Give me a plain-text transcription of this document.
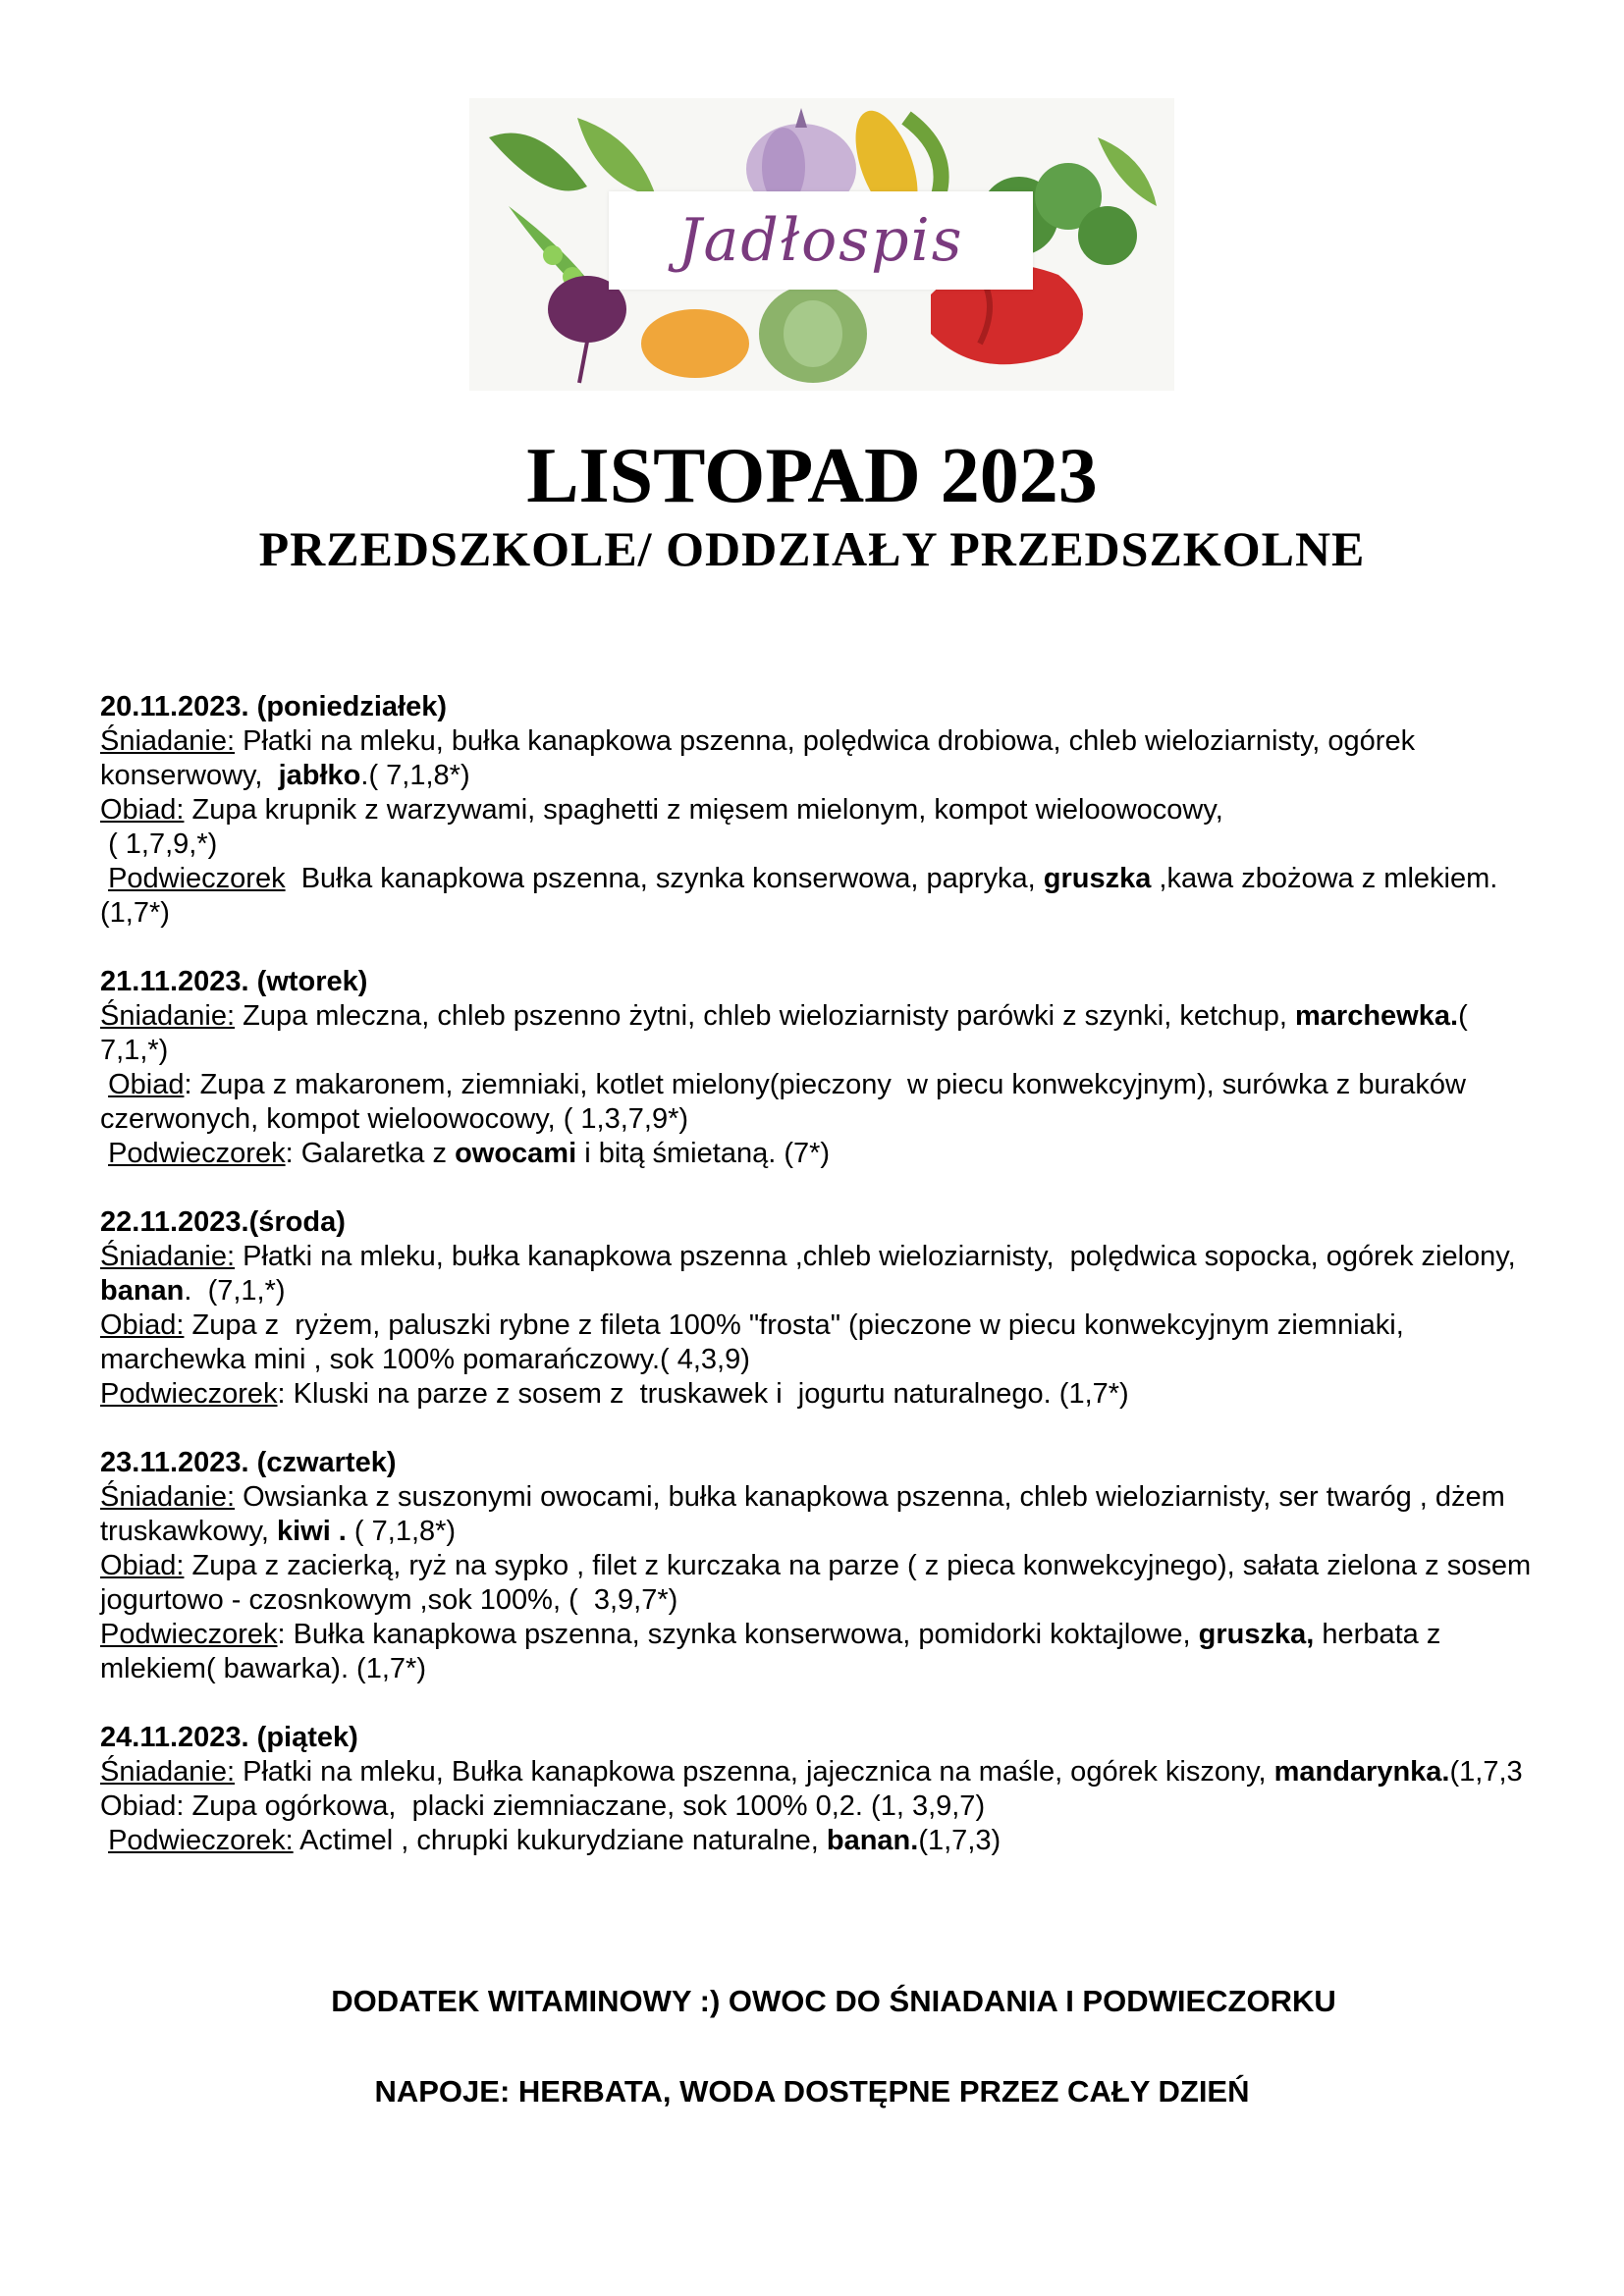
Jadłospis
LISTOPAD 2023
PRZEDSZKOLE/ ODDZIAŁY PRZEDSZKOLNE
20.11.2023. (poniedziałek)
Śniadanie: Płatki na mleku, bułka kanapkowa pszenna, polędwica drobiowa, chleb wieloziarnisty, ogórek konserwowy,  jabłko.( 7,1,8*)
Obiad: Zupa krupnik z warzywami, spaghetti z mięsem mielonym, kompot wieloowocowy,
( 1,7,9,*)
Podwieczorek  Bułka kanapkowa pszenna, szynka konserwowa, papryka, gruszka ,kawa zbożowa z mlekiem. (1,7*)
21.11.2023. (wtorek)
Śniadanie: Zupa mleczna, chleb pszenno żytni, chleb wieloziarnisty parówki z szynki, ketchup, marchewka.( 7,1,*)
Obiad: Zupa z makaronem, ziemniaki, kotlet mielony(pieczony  w piecu konwekcyjnym), surówka z buraków czerwonych, kompot wieloowocowy, ( 1,3,7,9*)
Podwieczorek: Galaretka z owocami i bitą śmietaną. (7*)
22.11.2023.(środa)
Śniadanie: Płatki na mleku, bułka kanapkowa pszenna ,chleb wieloziarnisty,  polędwica sopocka, ogórek zielony, banan.  (7,1,*)
Obiad: Zupa z  ryżem, paluszki rybne z fileta 100% "frosta" (pieczone w piecu konwekcyjnym ziemniaki, marchewka mini , sok 100% pomarańczowy.( 4,3,9)
Podwieczorek: Kluski na parze z sosem z  truskawek i  jogurtu naturalnego. (1,7*)
23.11.2023. (czwartek)
Śniadanie: Owsianka z suszonymi owocami, bułka kanapkowa pszenna, chleb wieloziarnisty, ser twaróg , dżem truskawkowy, kiwi . ( 7,1,8*)
Obiad: Zupa z zacierką, ryż na sypko , filet z kurczaka na parze ( z pieca konwekcyjnego), sałata zielona z sosem jogurtowo - czosnkowym ,sok 100%, (  3,9,7*)
Podwieczorek: Bułka kanapkowa pszenna, szynka konserwowa, pomidorki koktajlowe, gruszka, herbata z mlekiem( bawarka). (1,7*)
24.11.2023. (piątek)
Śniadanie: Płatki na mleku, Bułka kanapkowa pszenna, jajecznica na maśle, ogórek kiszony, mandarynka.(1,7,3
Obiad: Zupa ogórkowa,  placki ziemniaczane, sok 100% 0,2. (1, 3,9,7)
Podwieczorek: Actimel , chrupki kukurydziane naturalne, banan.(1,7,3)
DODATEK WITAMINOWY :) OWOC DO ŚNIADANIA I PODWIECZORKU
NAPOJE: HERBATA, WODA DOSTĘPNE PRZEZ CAŁY DZIEŃ
